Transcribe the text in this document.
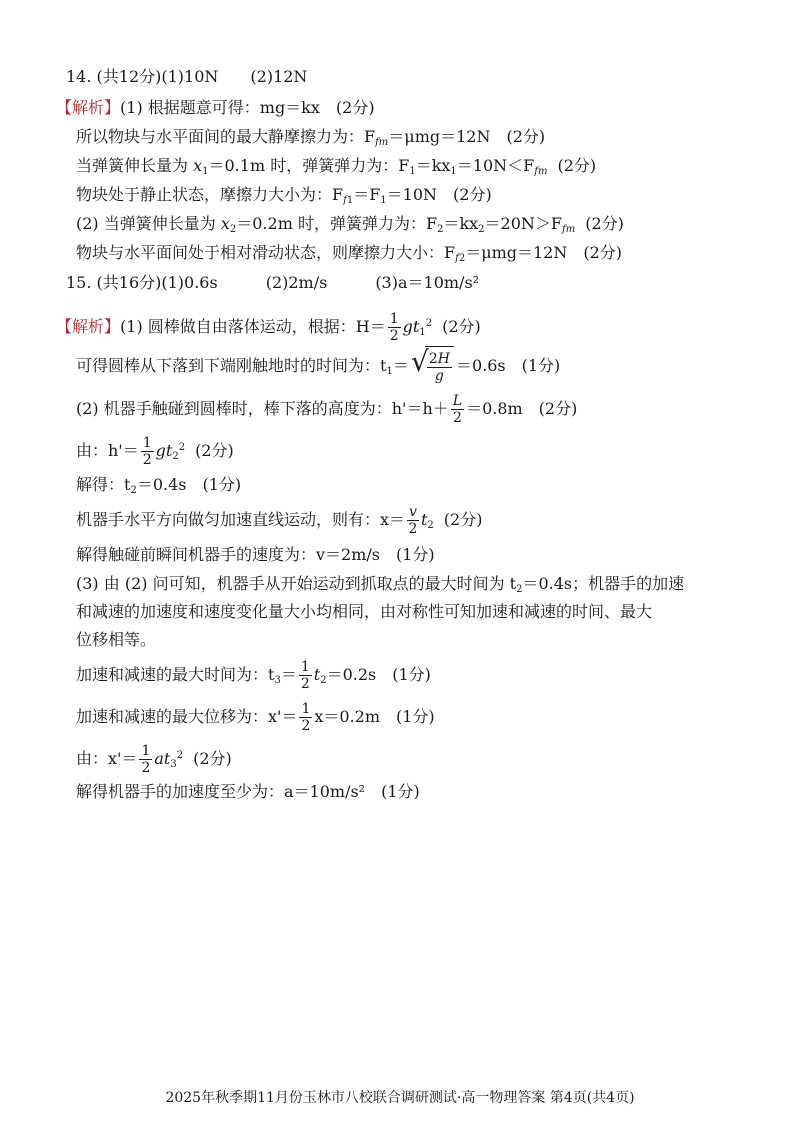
14. (共12分)(1)10N　　(2)12N
【解析】(1) 根据题意可得：mg＝kx　(2分)
所以物块与水平面间的最大静摩擦力为：$F_{fm}=\mu mg=12N$　(2分)
当弹簧伸长量为 $x_1=0.1m$ 时，弹簧弹力为：$F_1=kx_1=10N<F_{fm}$ (2分)
物块处于静止状态，摩擦力大小为：$F_{f1}=F_1=10N$　(2分)
(2) 当弹簧伸长量为 $x_2=0.2m$ 时，弹簧弹力为：$F_2=kx_2=20N>F_{fm}$ (2分)
物块与水平面间处于相对滑动状态，则摩擦力大小：$F_{f2}=\mu mg=12N$　(2分)
15. (共16分)(1)0.6s　　　(2)2m/s　　　(3)a＝10m/s²
【解析】(1) 圆棒做自由落体运动，根据：$H= \frac{1}{2} gt_1^2$ (2分)
可得圆棒从下落到下端刚触地时的时间为：$t_1=$ √
$\frac{2H}{g} =0.6s$　(1分)
(2) 机器手触碰到圆棒时，棒下落的高度为：$h'=h+ \frac{L}{2} =0.8m$　(2分)
由：$h'= \frac{1}{2} gt_2^2$ (2分)
解得：$t_2=0.4s$　(1分)
机器手水平方向做匀加速直线运动，则有：$x= \frac{v}{2} t_2$ (2分)
解得触碰前瞬间机器手的速度为：v＝2m/s　(1分)
(3) 由 (2) 问可知，机器手从开始运动到抓取点的最大时间为 $t_2=0.4s$；机器手的加速
和减速的加速度和速度变化量大小均相同，由对称性可知加速和减速的时间、最大
位移相等。
加速和减速的最大时间为：$t_3= \frac{1}{2} t_2=0.2s$　(1分)
加速和减速的最大位移为：$x'= \frac{1}{2} x=0.2m$　(1分)
由：$x'= \frac{1}{2} at_3^2$ (2分)
解得机器手的加速度至少为：a＝10m/s²　(1分)
2025年秋季期11月份玉林市八校联合调研测试·高一物理答案 第4页(共4页)
